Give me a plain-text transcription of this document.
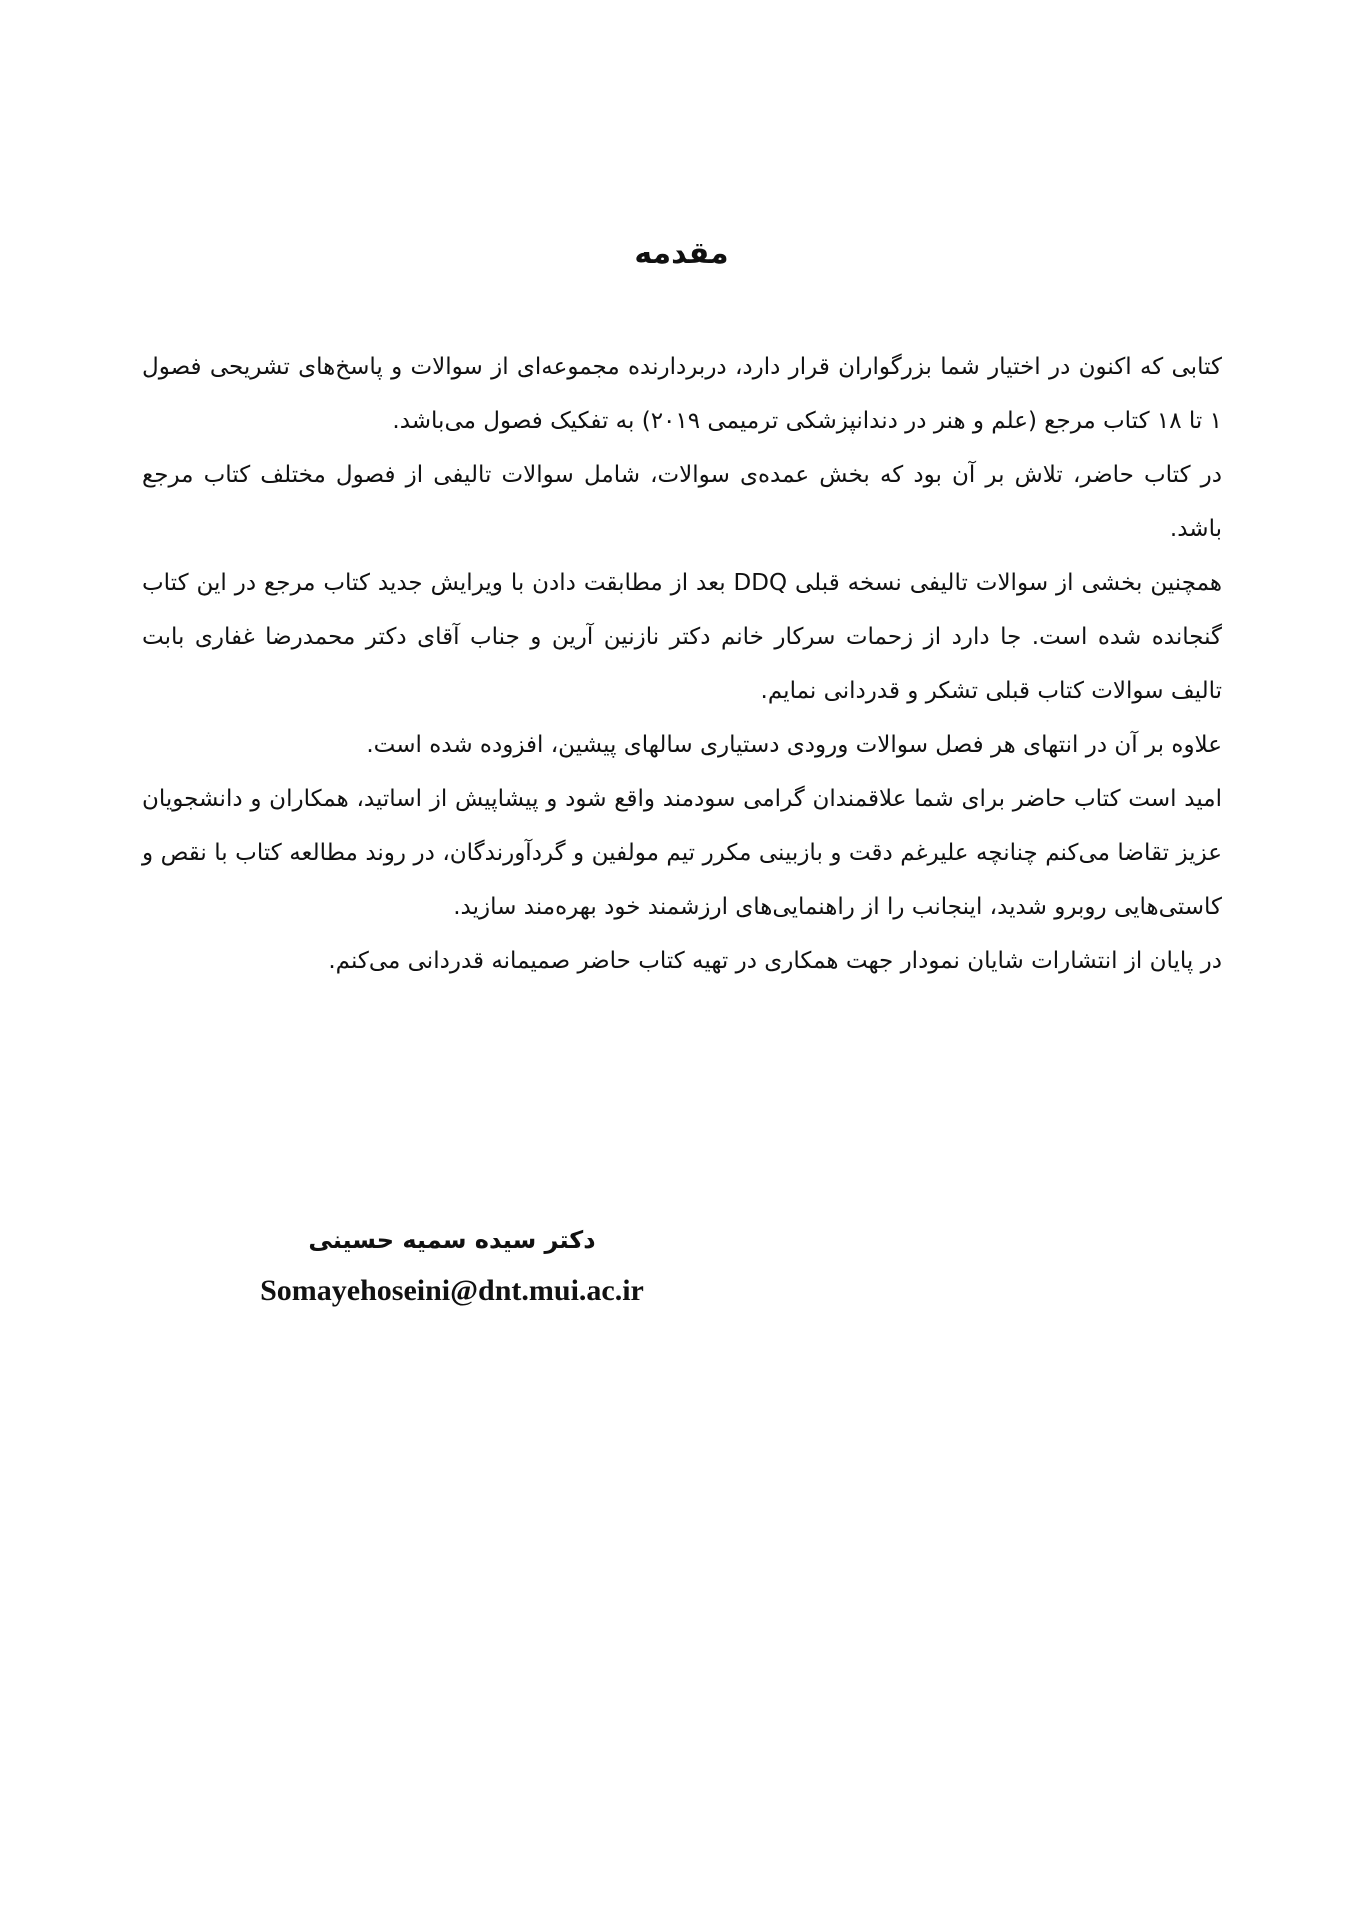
مقدمه

کتابی که اکنون در اختیار شما بزرگواران قرار دارد، دربردارنده مجموعه‌ای از سوالات و پاسخ‌های تشریحی فصول ۱ تا ۱۸ کتاب مرجع (علم و هنر در دندانپزشکی ترمیمی ۲۰۱۹) به تفکیک فصول می‌باشد.

در کتاب حاضر، تلاش بر آن بود که بخش عمده‌ی سوالات، شامل سوالات تالیفی از فصول مختلف کتاب مرجع باشد.

همچنین بخشی از سوالات تالیفی نسخه قبلی DDQ بعد از مطابقت دادن با ویرایش جدید کتاب مرجع در این کتاب گنجانده شده است. جا دارد از زحمات سرکار خانم دکتر نازنین آرین و جناب آقای دکتر محمدرضا غفاری بابت تالیف سوالات کتاب قبلی تشکر و قدردانی نمایم.

علاوه بر آن در انتهای هر فصل سوالات ورودی دستیاری سالهای پیشین، افزوده شده است.

امید است کتاب حاضر برای شما علاقمندان گرامی سودمند واقع شود و پیشاپیش از اساتید، همکاران و دانشجویان عزیز تقاضا می‌کنم چنانچه علیرغم دقت و بازبینی مکرر تیم مولفین و گردآورندگان، در روند مطالعه کتاب با نقص و کاستی‌هایی روبرو شدید، اینجانب را از راهنمایی‌های ارزشمند خود بهره‌مند سازید.

در پایان از انتشارات شایان نمودار جهت همکاری در تهیه کتاب حاضر صمیمانه قدردانی می‌کنم.

دکتر سیده سمیه حسینی
Somayehoseini@dnt.mui.ac.ir
